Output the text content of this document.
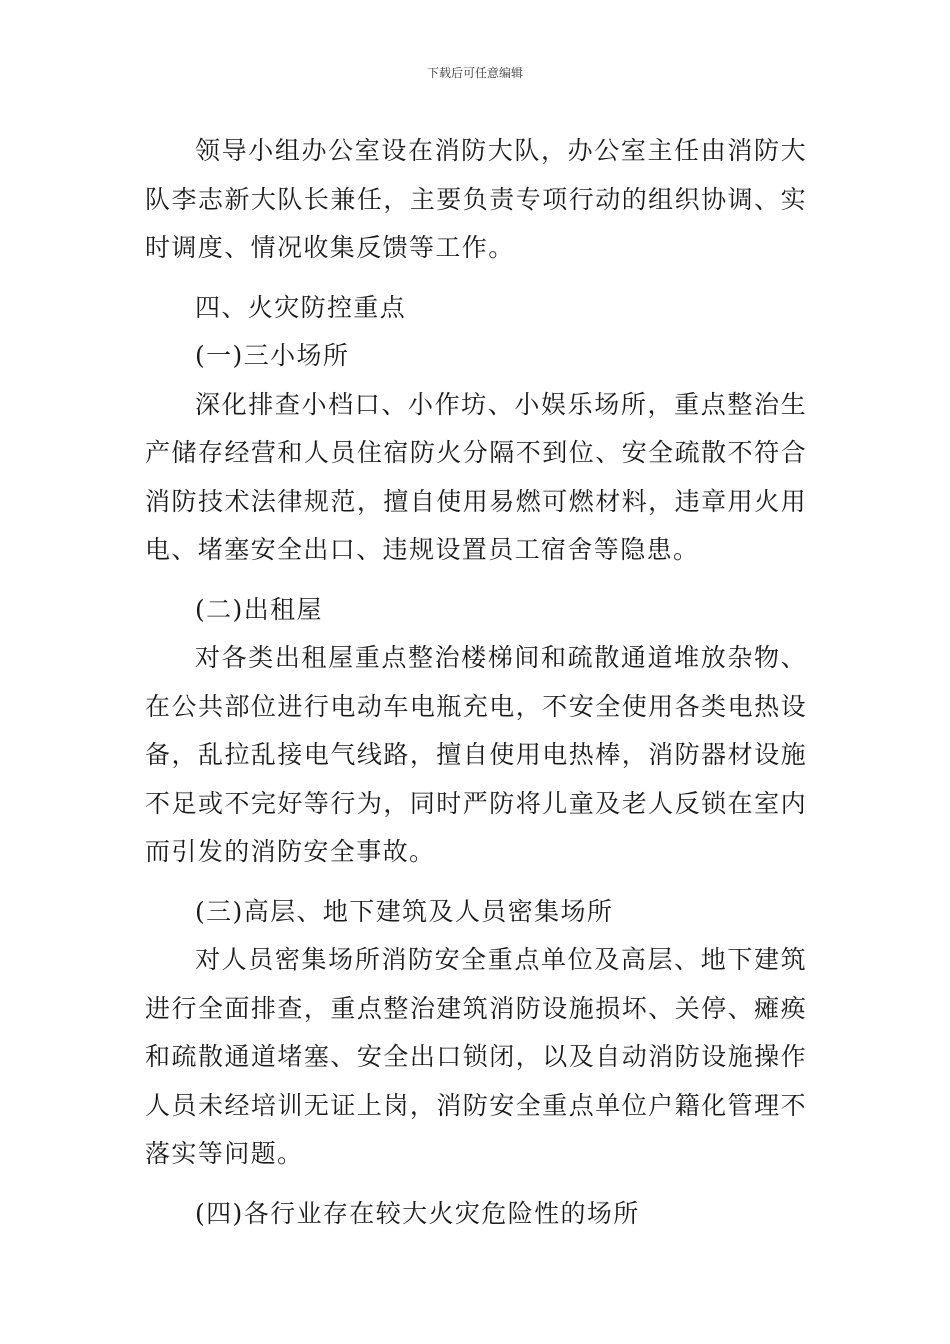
下载后可任意编辑

领导小组办公室设在消防大队，办公室主任由消防大队李志新大队长兼任，主要负责专项行动的组织协调、实时调度、情况收集反馈等工作。

四、火灾防控重点

(一)三小场所

深化排查小档口、小作坊、小娱乐场所，重点整治生产储存经营和人员住宿防火分隔不到位、安全疏散不符合消防技术法律规范，擅自使用易燃可燃材料，违章用火用电、堵塞安全出口、违规设置员工宿舍等隐患。

(二)出租屋

对各类出租屋重点整治楼梯间和疏散通道堆放杂物、在公共部位进行电动车电瓶充电，不安全使用各类电热设备，乱拉乱接电气线路，擅自使用电热棒，消防器材设施不足或不完好等行为，同时严防将儿童及老人反锁在室内而引发的消防安全事故。

(三)高层、地下建筑及人员密集场所

对人员密集场所消防安全重点单位及高层、地下建筑进行全面排查，重点整治建筑消防设施损坏、关停、瘫痪和疏散通道堵塞、安全出口锁闭，以及自动消防设施操作人员未经培训无证上岗，消防安全重点单位户籍化管理不落实等问题。

(四)各行业存在较大火灾危险性的场所
